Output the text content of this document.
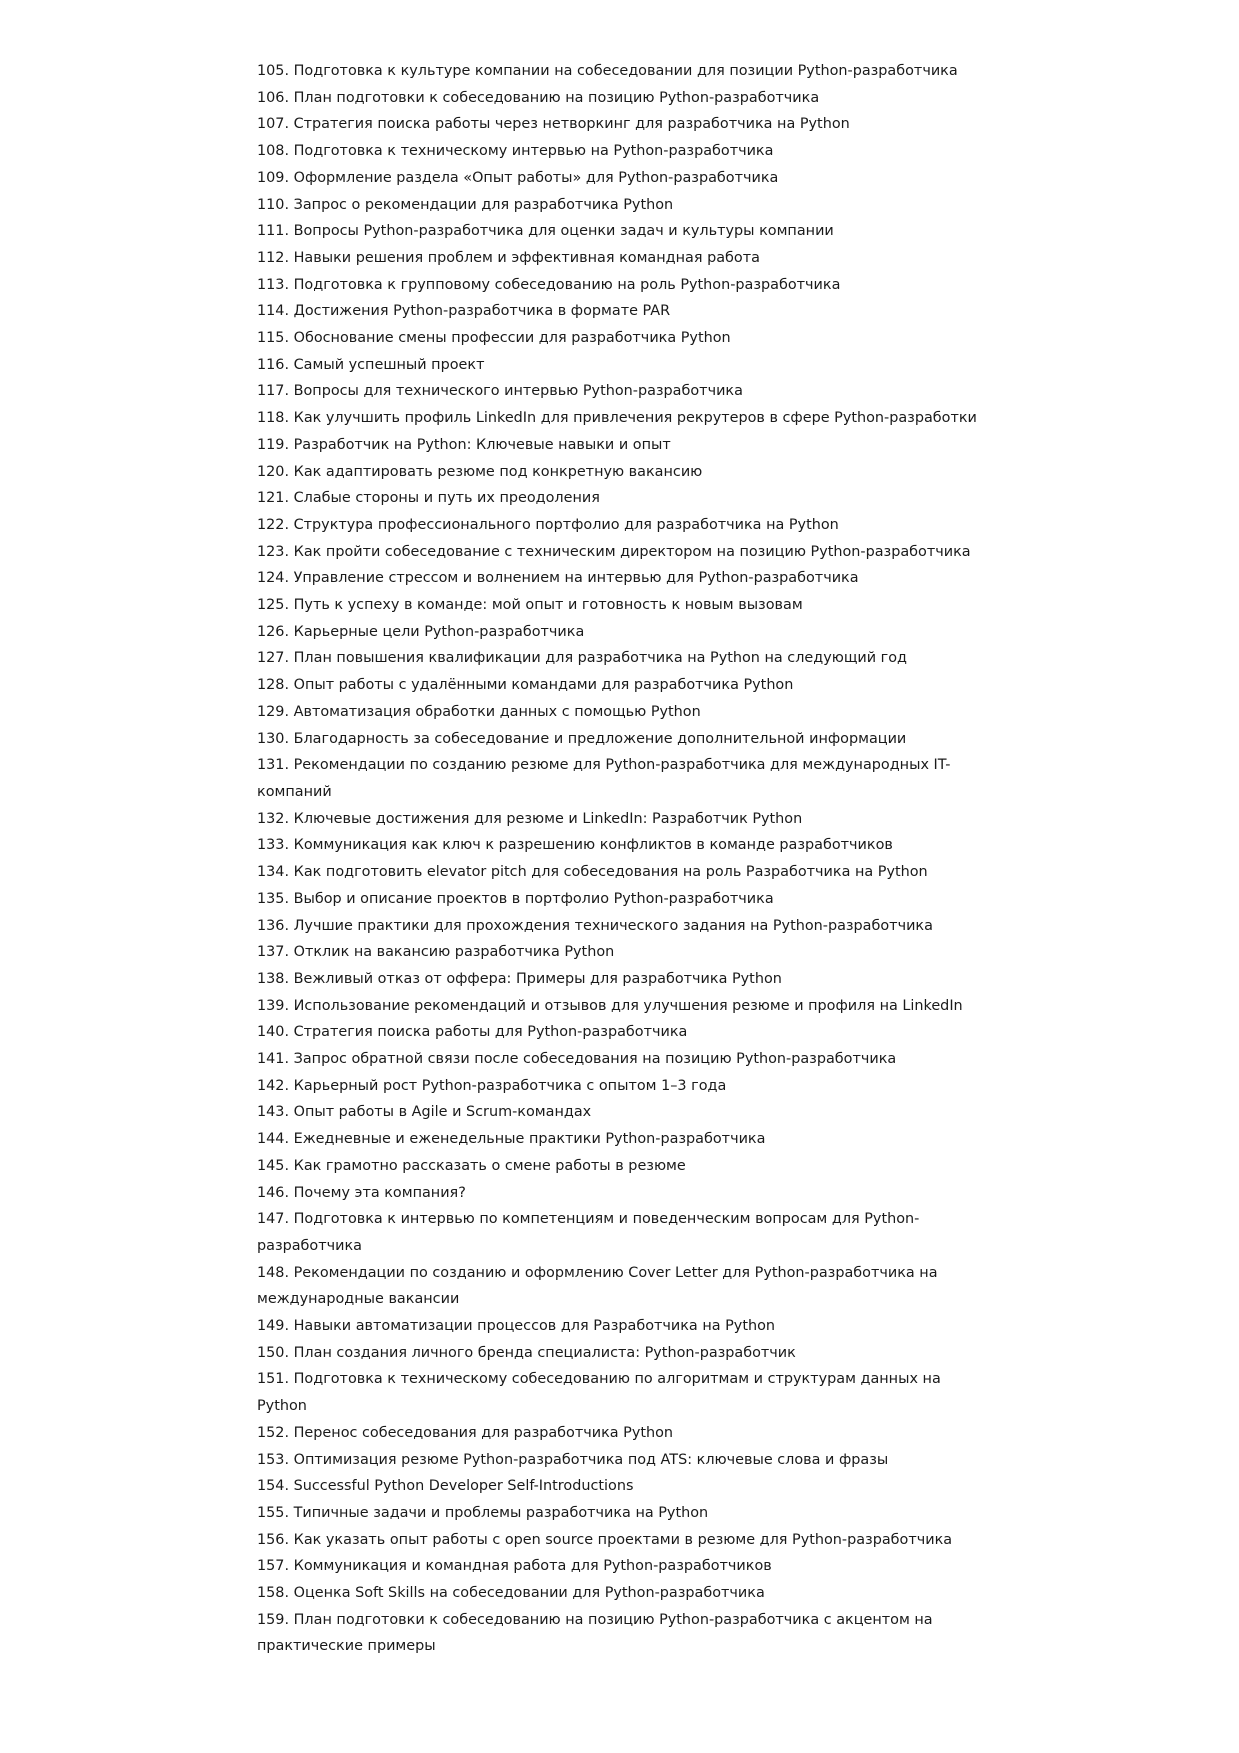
105. Подготовка к культуре компании на собеседовании для позиции Python-разработчика
106. План подготовки к собеседованию на позицию Python-разработчика
107. Стратегия поиска работы через нетворкинг для разработчика на Python
108. Подготовка к техническому интервью на Python-разработчика
109. Оформление раздела «Опыт работы» для Python-разработчика
110. Запрос о рекомендации для разработчика Python
111. Вопросы Python-разработчика для оценки задач и культуры компании
112. Навыки решения проблем и эффективная командная работа
113. Подготовка к групповому собеседованию на роль Python-разработчика
114. Достижения Python-разработчика в формате PAR
115. Обоснование смены профессии для разработчика Python
116. Самый успешный проект
117. Вопросы для технического интервью Python-разработчика
118. Как улучшить профиль LinkedIn для привлечения рекрутеров в сфере Python-разработки
119. Разработчик на Python: Ключевые навыки и опыт
120. Как адаптировать резюме под конкретную вакансию
121. Слабые стороны и путь их преодоления
122. Структура профессионального портфолио для разработчика на Python
123. Как пройти собеседование с техническим директором на позицию Python-разработчика
124. Управление стрессом и волнением на интервью для Python-разработчика
125. Путь к успеху в команде: мой опыт и готовность к новым вызовам
126. Карьерные цели Python-разработчика
127. План повышения квалификации для разработчика на Python на следующий год
128. Опыт работы с удалёнными командами для разработчика Python
129. Автоматизация обработки данных с помощью Python
130. Благодарность за собеседование и предложение дополнительной информации
131. Рекомендации по созданию резюме для Python-разработчика для международных IT-компаний
132. Ключевые достижения для резюме и LinkedIn: Разработчик Python
133. Коммуникация как ключ к разрешению конфликтов в команде разработчиков
134. Как подготовить elevator pitch для собеседования на роль Разработчика на Python
135. Выбор и описание проектов в портфолио Python-разработчика
136. Лучшие практики для прохождения технического задания на Python-разработчика
137. Отклик на вакансию разработчика Python
138. Вежливый отказ от оффера: Примеры для разработчика Python
139. Использование рекомендаций и отзывов для улучшения резюме и профиля на LinkedIn
140. Стратегия поиска работы для Python-разработчика
141. Запрос обратной связи после собеседования на позицию Python-разработчика
142. Карьерный рост Python-разработчика с опытом 1–3 года
143. Опыт работы в Agile и Scrum-командах
144. Ежедневные и еженедельные практики Python-разработчика
145. Как грамотно рассказать о смене работы в резюме
146. Почему эта компания?
147. Подготовка к интервью по компетенциям и поведенческим вопросам для Python-разработчика
148. Рекомендации по созданию и оформлению Cover Letter для Python-разработчика на международные вакансии
149. Навыки автоматизации процессов для Разработчика на Python
150. План создания личного бренда специалиста: Python-разработчик
151. Подготовка к техническому собеседованию по алгоритмам и структурам данных на Python
152. Перенос собеседования для разработчика Python
153. Оптимизация резюме Python-разработчика под ATS: ключевые слова и фразы
154. Successful Python Developer Self-Introductions
155. Типичные задачи и проблемы разработчика на Python
156. Как указать опыт работы с open source проектами в резюме для Python-разработчика
157. Коммуникация и командная работа для Python-разработчиков
158. Оценка Soft Skills на собеседовании для Python-разработчика
159. План подготовки к собеседованию на позицию Python-разработчика с акцентом на практические примеры
